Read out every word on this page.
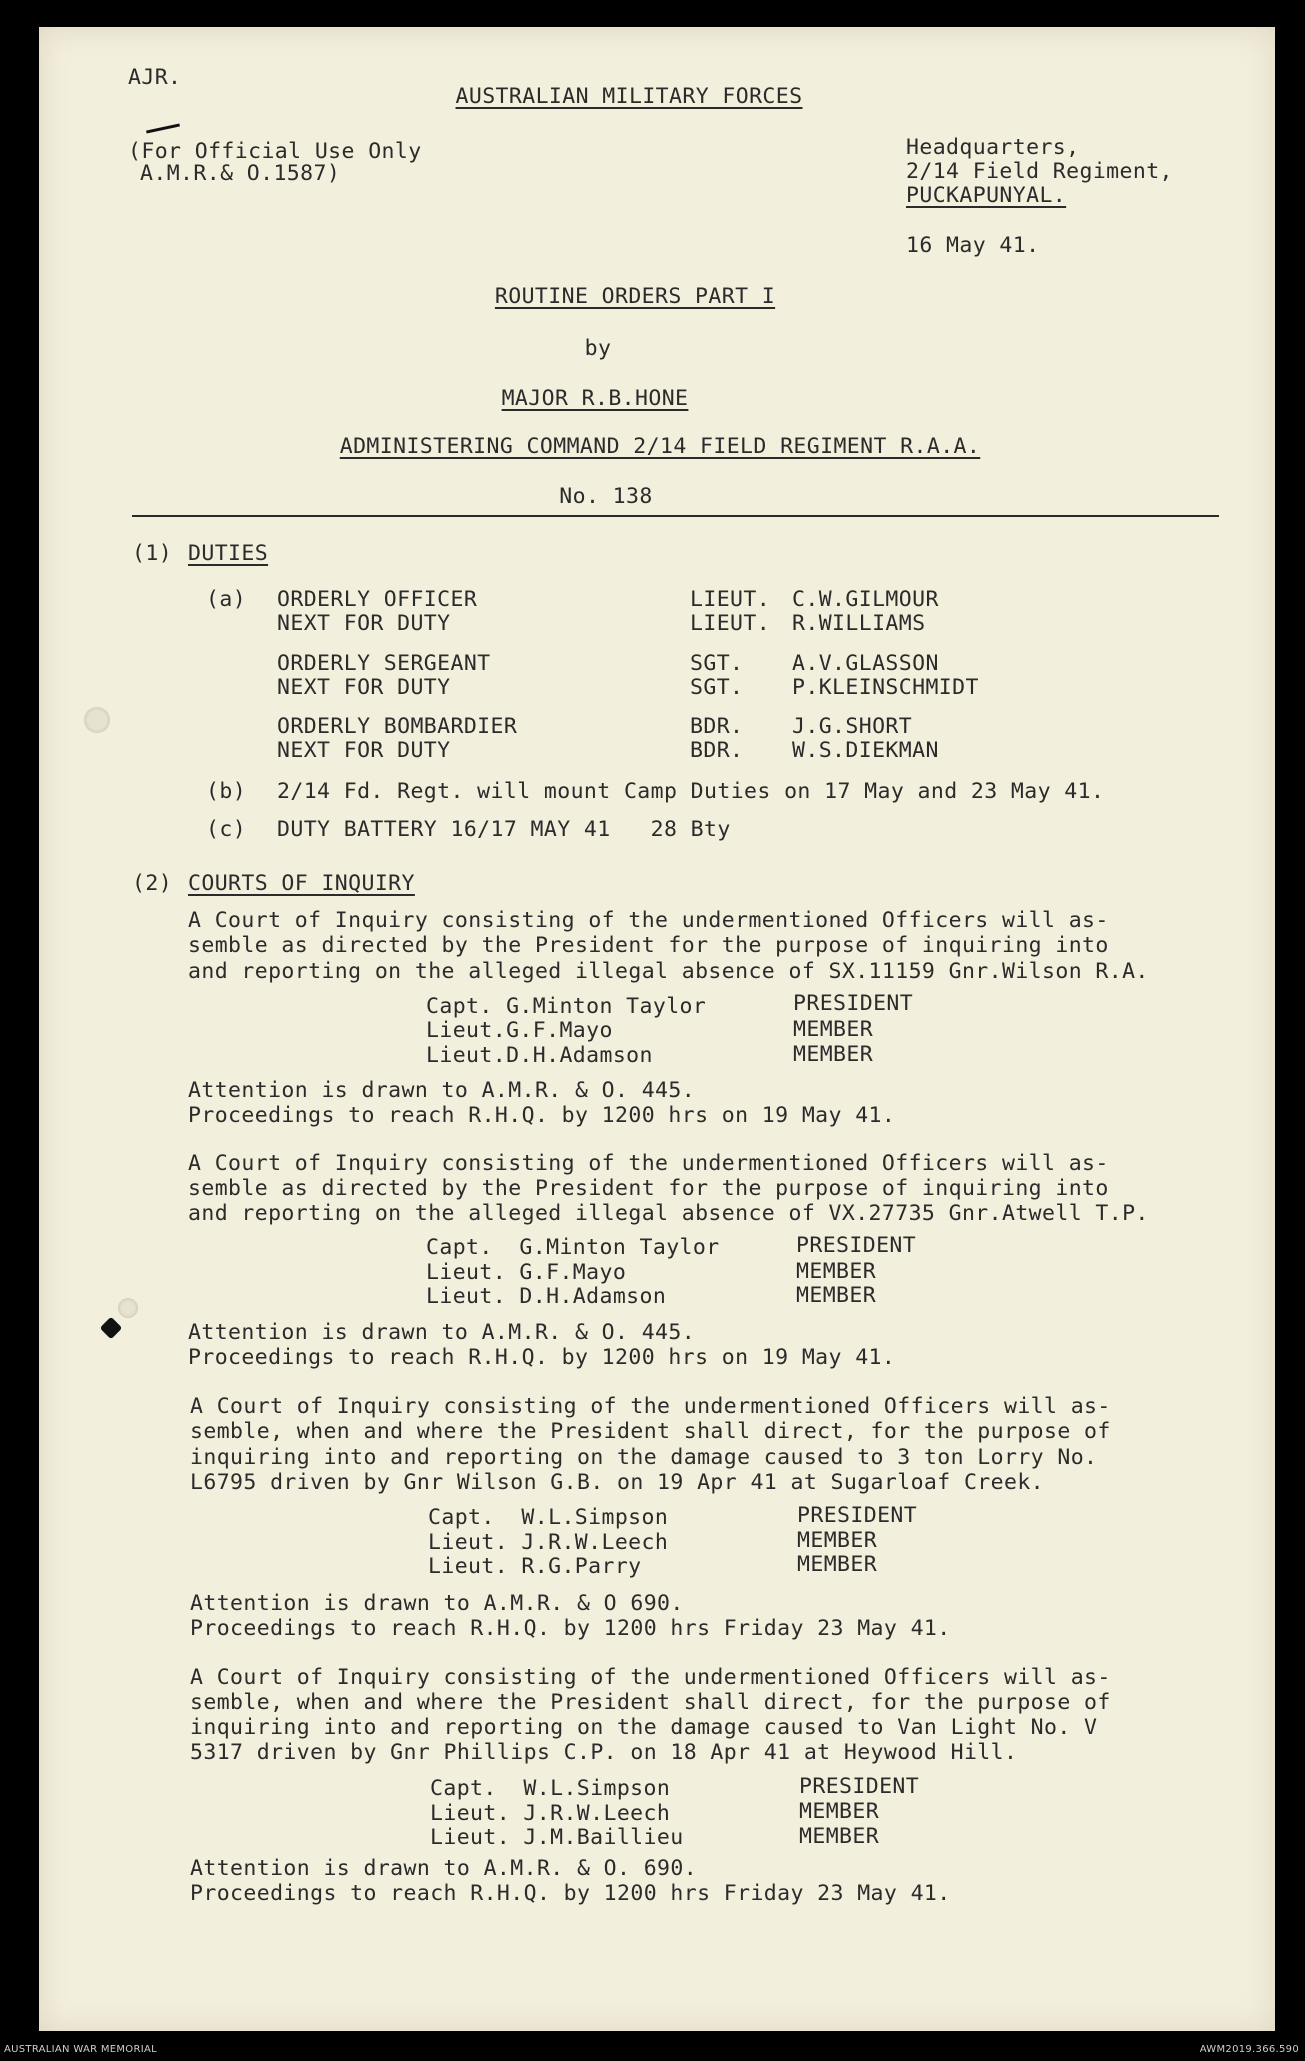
AJR.
AUSTRALIAN MILITARY FORCES
(For Official Use Only
A.M.R.& O.1587)
Headquarters,
2/14 Field Regiment,
PUCKAPUNYAL.
16 May 41.
ROUTINE ORDERS PART I
by
MAJOR R.B.HONE
ADMINISTERING COMMAND 2/14 FIELD REGIMENT R.A.A.
No. 138
(1) DUTIES
(a) ORDERLY OFFICER	LIEUT. C.W.GILMOUR
NEXT FOR DUTY	LIEUT. R.WILLIAMS
ORDERLY SERGEANT	SGT. A.V.GLASSON
NEXT FOR DUTY	SGT. P.KLEINSCHMIDT
ORDERLY BOMBARDIER	BDR. J.G.SHORT
NEXT FOR DUTY	BDR. W.S.DIEKMAN
(b) 2/14 Fd. Regt. will mount Camp Duties on 17 May and 23 May 41.
(c) DUTY BATTERY 16/17 MAY 41   28 Bty
(2) COURTS OF INQUIRY
A Court of Inquiry consisting of the undermentioned Officers will as-
semble as directed by the President for the purpose of inquiring into
and reporting on the alleged illegal absence of SX.11159 Gnr.Wilson R.A.
Capt. G.Minton Taylor	PRESIDENT
Lieut.G.F.Mayo	MEMBER
Lieut.D.H.Adamson	MEMBER
Attention is drawn to A.M.R. & O. 445.
Proceedings to reach R.H.Q. by 1200 hrs on 19 May 41.
A Court of Inquiry consisting of the undermentioned Officers will as-
semble as directed by the President for the purpose of inquiring into
and reporting on the alleged illegal absence of VX.27735 Gnr.Atwell T.P.
Capt.  G.Minton Taylor	PRESIDENT
Lieut. G.F.Mayo	MEMBER
Lieut. D.H.Adamson	MEMBER
Attention is drawn to A.M.R. & O. 445.
Proceedings to reach R.H.Q. by 1200 hrs on 19 May 41.
A Court of Inquiry consisting of the undermentioned Officers will as-
semble, when and where the President shall direct, for the purpose of
inquiring into and reporting on the damage caused to 3 ton Lorry No.
L6795 driven by Gnr Wilson G.B. on 19 Apr 41 at Sugarloaf Creek.
Capt.  W.L.Simpson	PRESIDENT
Lieut. J.R.W.Leech	MEMBER
Lieut. R.G.Parry	MEMBER
Attention is drawn to A.M.R. & O 690.
Proceedings to reach R.H.Q. by 1200 hrs Friday 23 May 41.
A Court of Inquiry consisting of the undermentioned Officers will as-
semble, when and where the President shall direct, for the purpose of
inquiring into and reporting on the damage caused to Van Light No. V
5317 driven by Gnr Phillips C.P. on 18 Apr 41 at Heywood Hill.
Capt.  W.L.Simpson	PRESIDENT
Lieut. J.R.W.Leech	MEMBER
Lieut. J.M.Baillieu	MEMBER
Attention is drawn to A.M.R. & O. 690.
Proceedings to reach R.H.Q. by 1200 hrs Friday 23 May 41.
AUSTRALIAN WAR MEMORIAL	AWM2019.366.590
